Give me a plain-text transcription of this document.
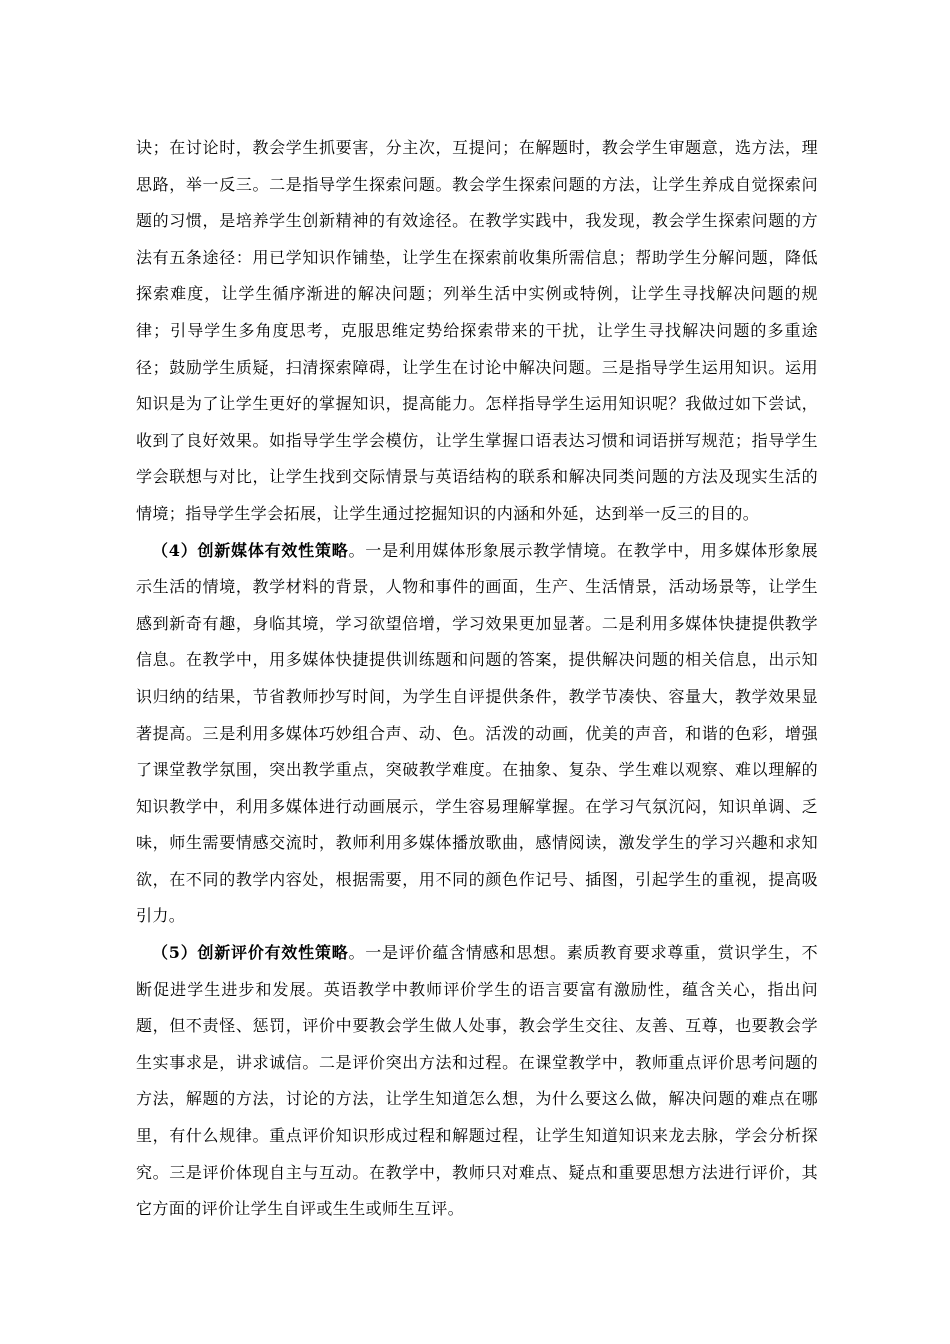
诀；在讨论时，教会学生抓要害，分主次，互提问；在解题时，教会学生审题意，选方法，理思路，举一反三。二是指导学生探索问题。教会学生探索问题的方法，让学生养成自觉探索问题的习惯，是培养学生创新精神的有效途径。在教学实践中，我发现，教会学生探索问题的方法有五条途径：用已学知识作铺垫，让学生在探索前收集所需信息；帮助学生分解问题，降低探索难度，让学生循序渐进的解决问题；列举生活中实例或特例，让学生寻找解决问题的规律；引导学生多角度思考，克服思维定势给探索带来的干扰，让学生寻找解决问题的多重途径；鼓励学生质疑，扫清探索障碍，让学生在讨论中解决问题。三是指导学生运用知识。运用知识是为了让学生更好的掌握知识，提高能力。怎样指导学生运用知识呢？我做过如下尝试，收到了良好效果。如指导学生学会模仿，让学生掌握口语表达习惯和词语拼写规范；指导学生学会联想与对比，让学生找到交际情景与英语结构的联系和解决同类问题的方法及现实生活的情境；指导学生学会拓展，让学生通过挖掘知识的内涵和外延，达到举一反三的目的。

（4）创新媒体有效性策略。一是利用媒体形象展示教学情境。在教学中，用多媒体形象展示生活的情境，教学材料的背景，人物和事件的画面，生产、生活情景，活动场景等，让学生感到新奇有趣，身临其境，学习欲望倍增，学习效果更加显著。二是利用多媒体快捷提供教学信息。在教学中，用多媒体快捷提供训练题和问题的答案，提供解决问题的相关信息，出示知识归纳的结果，节省教师抄写时间，为学生自评提供条件，教学节凑快、容量大，教学效果显著提高。三是利用多媒体巧妙组合声、动、色。活泼的动画，优美的声音，和谐的色彩，增强了课堂教学氛围，突出教学重点，突破教学难度。在抽象、复杂、学生难以观察、难以理解的知识教学中，利用多媒体进行动画展示，学生容易理解掌握。在学习气氛沉闷，知识单调、乏味，师生需要情感交流时，教师利用多媒体播放歌曲，感情阅读，激发学生的学习兴趣和求知欲，在不同的教学内容处，根据需要，用不同的颜色作记号、插图，引起学生的重视，提高吸引力。

（5）创新评价有效性策略。一是评价蕴含情感和思想。素质教育要求尊重，赏识学生，不断促进学生进步和发展。英语教学中教师评价学生的语言要富有激励性，蕴含关心，指出问题，但不责怪、惩罚，评价中要教会学生做人处事，教会学生交往、友善、互尊，也要教会学生实事求是，讲求诚信。二是评价突出方法和过程。在课堂教学中，教师重点评价思考问题的方法，解题的方法，讨论的方法，让学生知道怎么想，为什么要这么做，解决问题的难点在哪里，有什么规律。重点评价知识形成过程和解题过程，让学生知道知识来龙去脉，学会分析探究。三是评价体现自主与互动。在教学中，教师只对难点、疑点和重要思想方法进行评价，其它方面的评价让学生自评或生生或师生互评。
